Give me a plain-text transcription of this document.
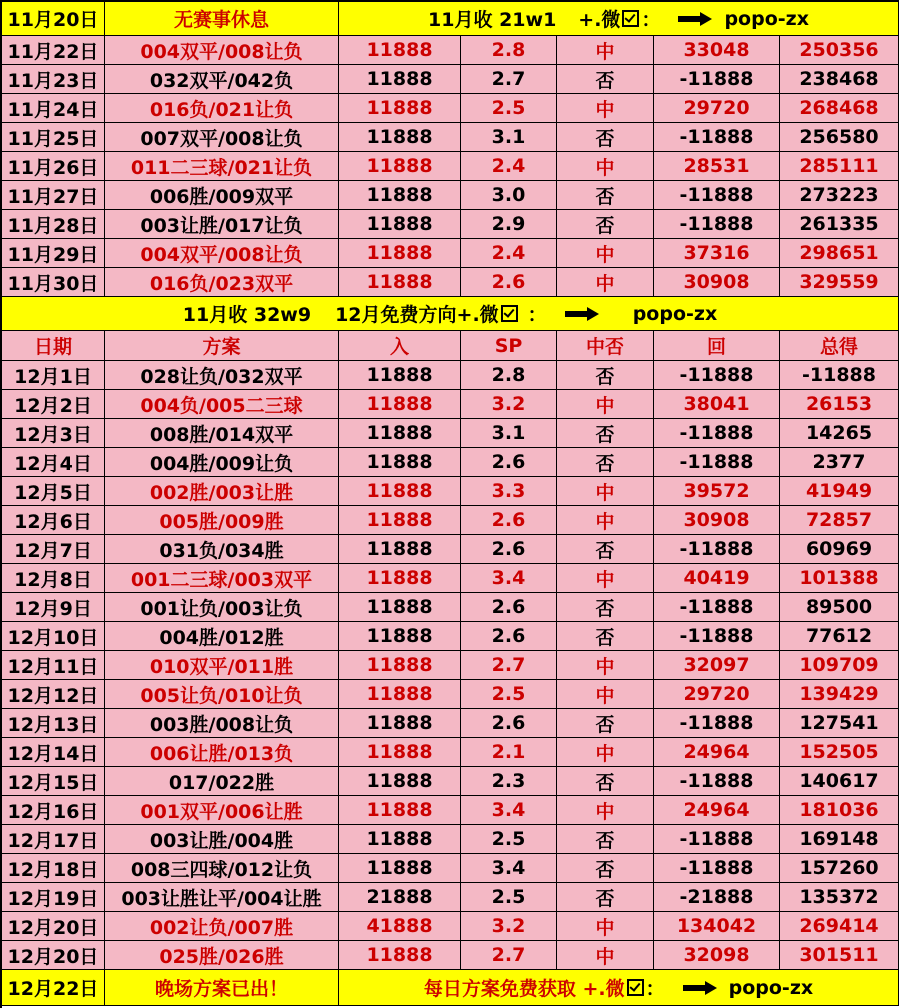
11月20日	无赛事休息	11月收 21w1 +.微 ：	popo-zx
11月22日	004双平/008让负	11888	2.8	中	33048	250356
11月23日	032双平/042负	11888	2.7	否	-11888	238468
11月24日	016负/021让负	11888	2.5	中	29720	268468
11月25日	007双平/008让负	11888	3.1	否	-11888	256580
11月26日	011二三球/021让负	11888	2.4	中	28531	285111
11月27日	006胜/009双平	11888	3.0	否	-11888	273223
11月28日	003让胜/017让负	11888	2.9	否	-11888	261335
11月29日	004双平/008让负	11888	2.4	中	37316	298651
11月30日	016负/023双平	11888	2.6	中	30908	329559
11月收 32w9 12月免费方向+.微 ：	popo-zx
日期	方案	入	SP	中否	回	总得
12月1日	028让负/032双平	11888	2.8	否	-11888	-11888
12月2日	004负/005二三球	11888	3.2	中	38041	26153
12月3日	008胜/014双平	11888	3.1	否	-11888	14265
12月4日	004胜/009让负	11888	2.6	否	-11888	2377
12月5日	002胜/003让胜	11888	3.3	中	39572	41949
12月6日	005胜/009胜	11888	2.6	中	30908	72857
12月7日	031负/034胜	11888	2.6	否	-11888	60969
12月8日	001二三球/003双平	11888	3.4	中	40419	101388
12月9日	001让负/003让负	11888	2.6	否	-11888	89500
12月10日	004胜/012胜	11888	2.6	否	-11888	77612
12月11日	010双平/011胜	11888	2.7	中	32097	109709
12月12日	005让负/010让负	11888	2.5	中	29720	139429
12月13日	003胜/008让负	11888	2.6	否	-11888	127541
12月14日	006让胜/013负	11888	2.1	中	24964	152505
12月15日	017/022胜	11888	2.3	否	-11888	140617
12月16日	001双平/006让胜	11888	3.4	中	24964	181036
12月17日	003让胜/004胜	11888	2.5	否	-11888	169148
12月18日	008三四球/012让负	11888	3.4	否	-11888	157260
12月19日	003让胜让平/004让胜	21888	2.5	否	-21888	135372
12月20日	002让负/007胜	41888	3.2	中	134042	269414
12月20日	025胜/026胜	11888	2.7	中	32098	301511
12月22日	晚场方案已出！	每日方案免费获取 +.微 ：	popo-zx
